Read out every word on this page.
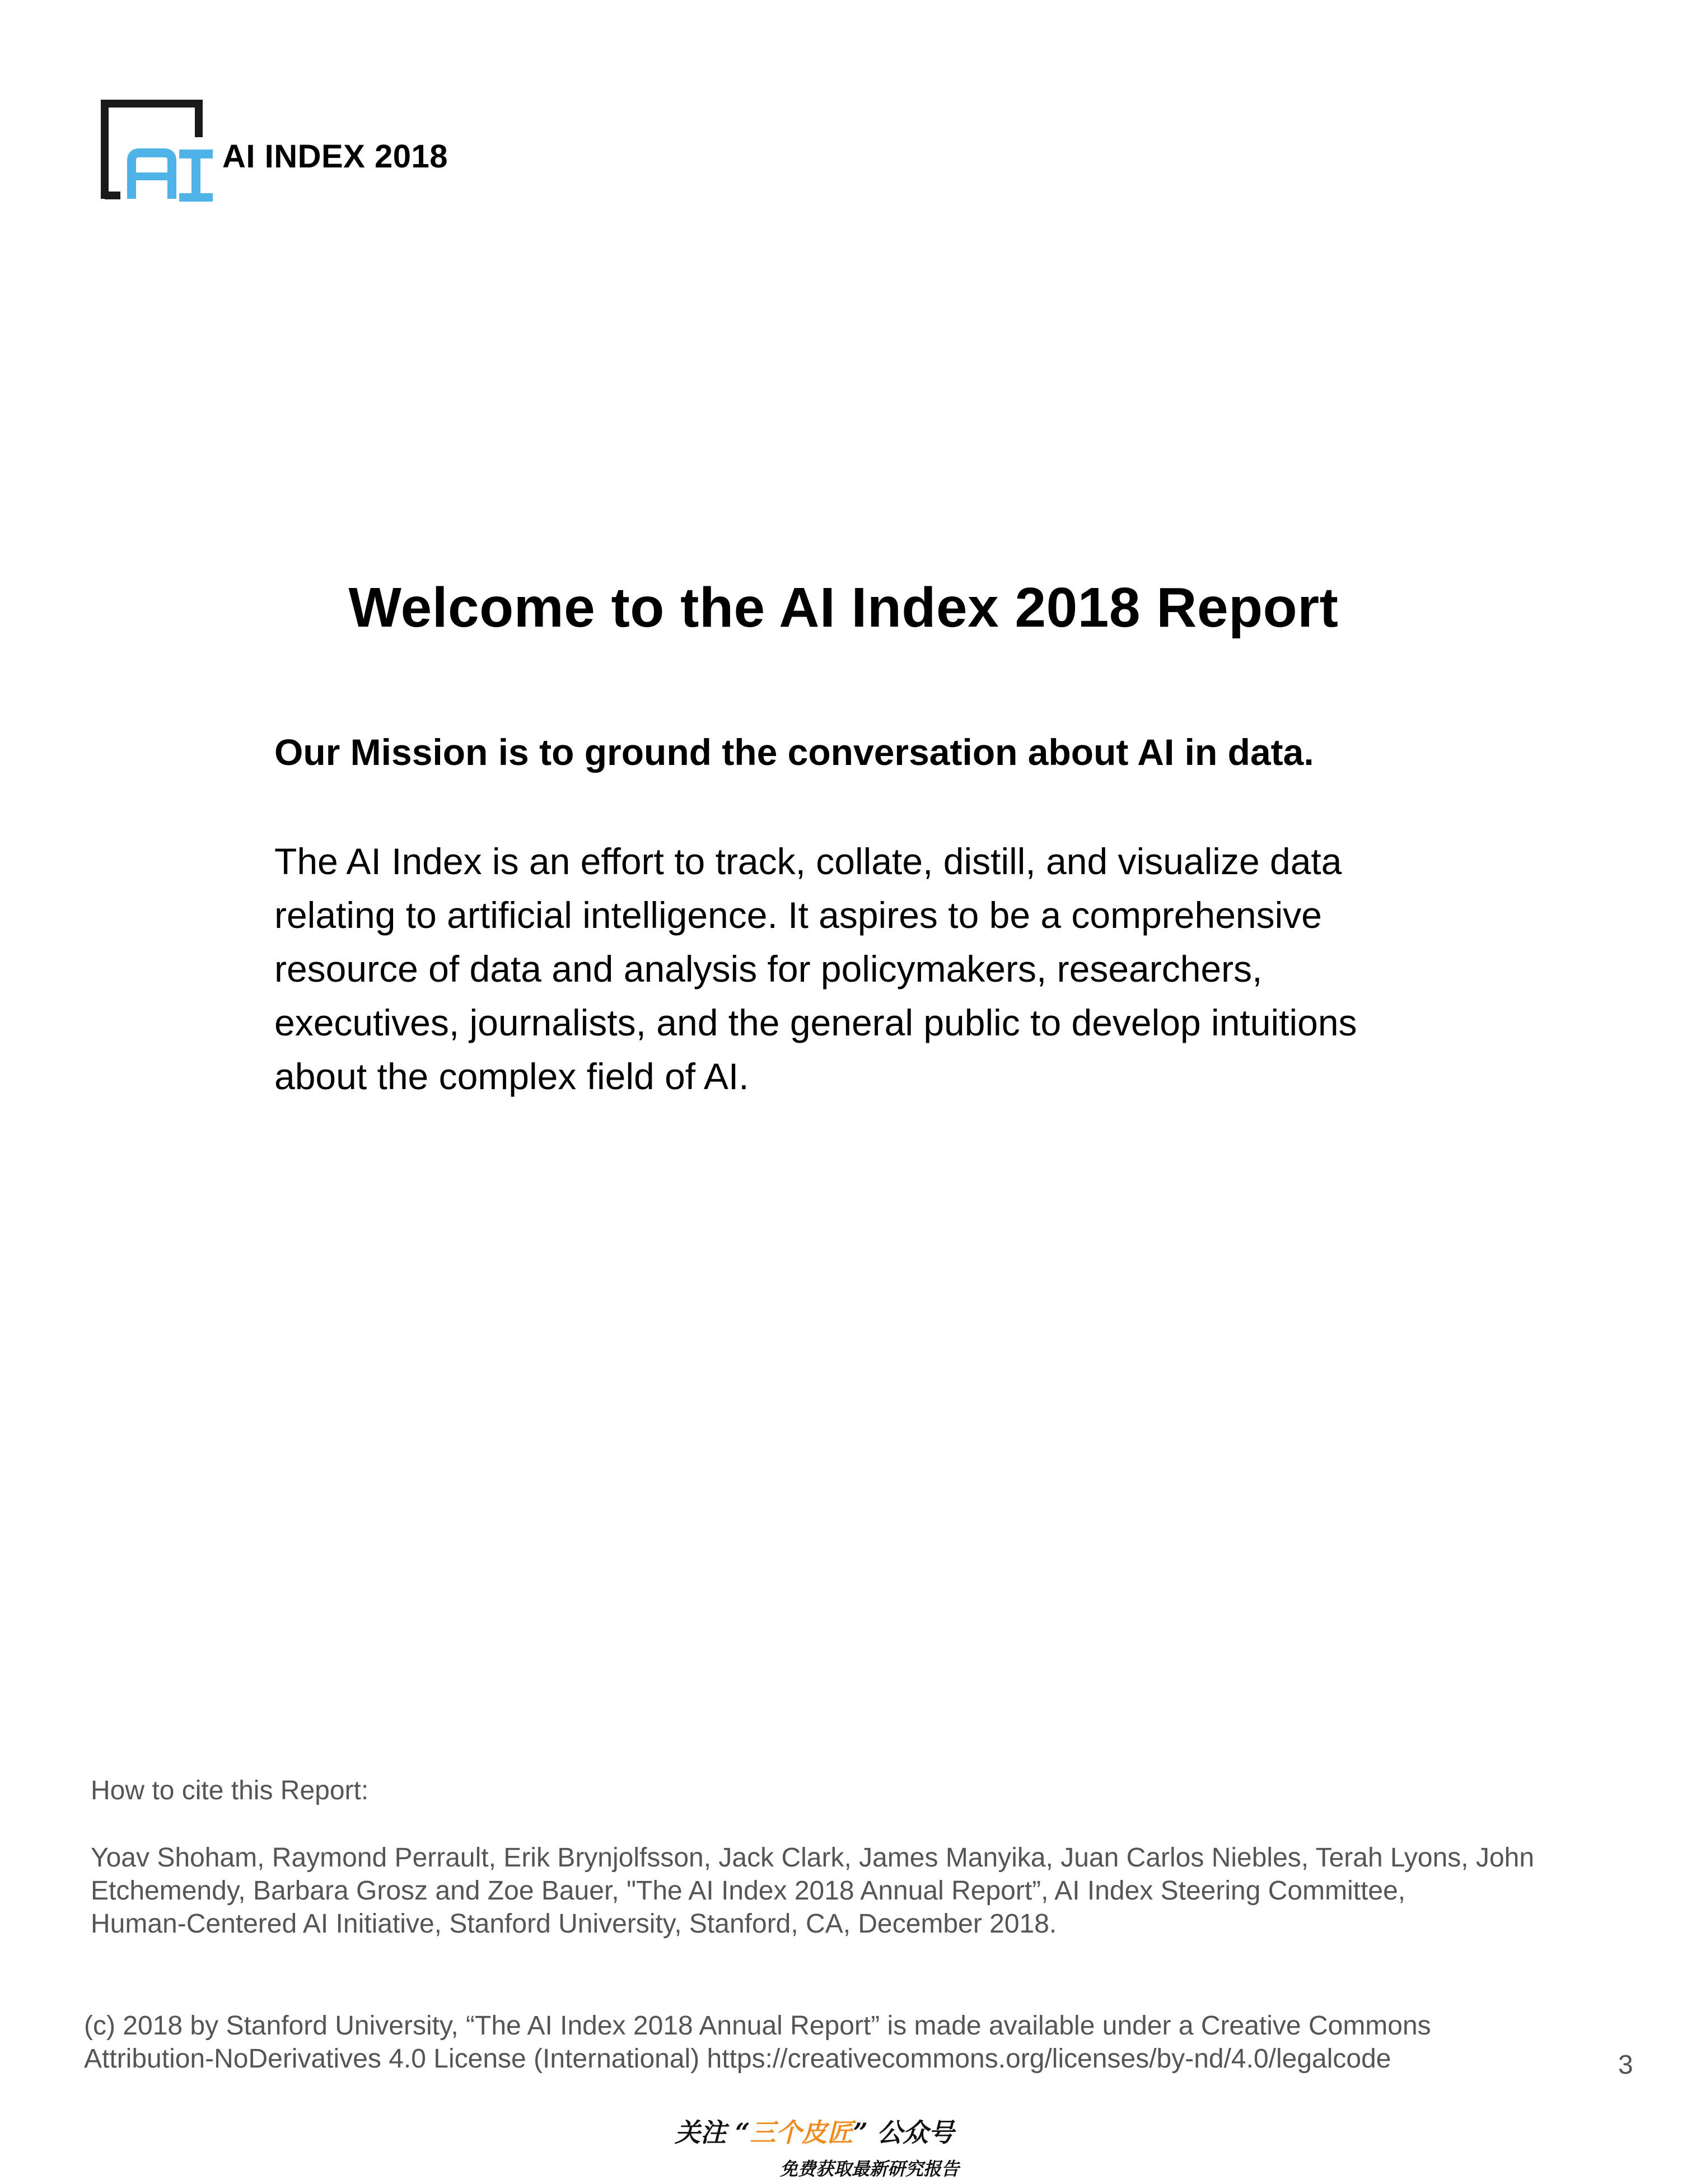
AI INDEX 2018
Welcome to the AI Index 2018 Report
Our Mission is to ground the conversation about AI in data.
The AI Index is an effort to track, collate, distill, and visualize data
relating to artificial intelligence. It aspires to be a comprehensive
resource of data and analysis for policymakers, researchers,
executives, journalists, and the general public to develop intuitions
about the complex field of AI.
How to cite this Report:
Yoav Shoham, Raymond Perrault, Erik Brynjolfsson, Jack Clark, James Manyika, Juan Carlos Niebles, Terah Lyons, John
Etchemendy, Barbara Grosz and Zoe Bauer, "The AI Index 2018 Annual Report”, AI Index Steering Committee,
Human-Centered AI Initiative, Stanford University, Stanford, CA, December 2018.
(c) 2018 by Stanford University, “The AI Index 2018 Annual Report” is made available under a Creative Commons
Attribution-NoDerivatives 4.0 License (International) https://creativecommons.org/licenses/by-nd/4.0/legalcode	3
关注 “三个皮匠” 公众号
免费获取最新研究报告
